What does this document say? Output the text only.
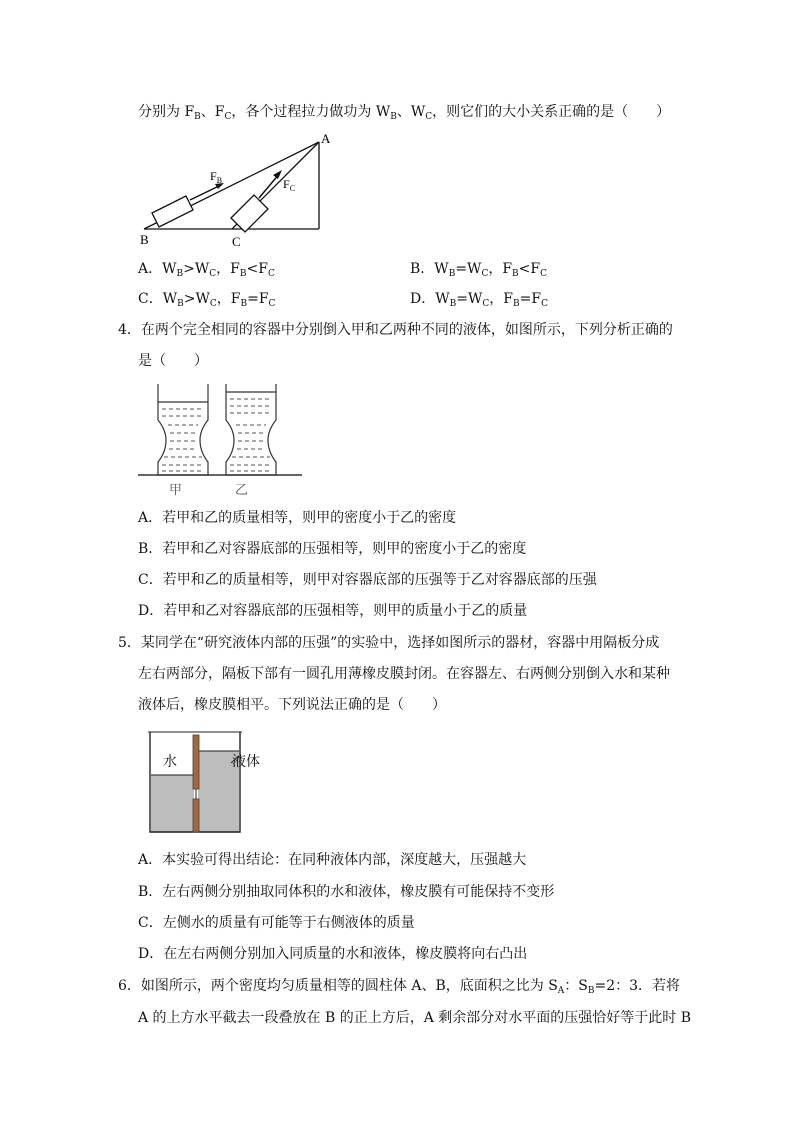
分别为 $F_B$、$F_C$，各个过程拉力做功为 $W_B$、$W_C$，则它们的大小关系正确的是（　　）
A
B	C
$F_B$	$F_C$
A．$W_B>W_C$，$F_B<F_C$	B．$W_B=W_C$，$F_B<F_C$
C．$W_B>W_C$，$F_B=F_C$	D．$W_B=W_C$，$F_B=F_C$
4．在两个完全相同的容器中分别倒入甲和乙两种不同的液体，如图所示，下列分析正确的
是（　　）
甲	乙
A．若甲和乙的质量相等，则甲的密度小于乙的密度
B．若甲和乙对容器底部的压强相等，则甲的密度小于乙的密度
C．若甲和乙的质量相等，则甲对容器底部的压强等于乙对容器底部的压强
D．若甲和乙对容器底部的压强相等，则甲的质量小于乙的质量
5．某同学在“研究液体内部的压强”的实验中，选择如图所示的器材，容器中用隔板分成
左右两部分，隔板下部有一圆孔用薄橡皮膜封闭。在容器左、右两侧分别倒入水和某种
液体后，橡皮膜相平。下列说法正确的是（　　）
水	液体
A．本实验可得出结论：在同种液体内部，深度越大，压强越大
B．左右两侧分别抽取同体积的水和液体，橡皮膜有可能保持不变形
C．左侧水的质量有可能等于右侧液体的质量
D．在左右两侧分别加入同质量的水和液体，橡皮膜将向右凸出
6．如图所示，两个密度均匀质量相等的圆柱体 A、B，底面积之比为 $S_A$：$S_B=2$：3．若将
A 的上方水平截去一段叠放在 B 的正上方后，A 剩余部分对水平面的压强恰好等于此时 B
